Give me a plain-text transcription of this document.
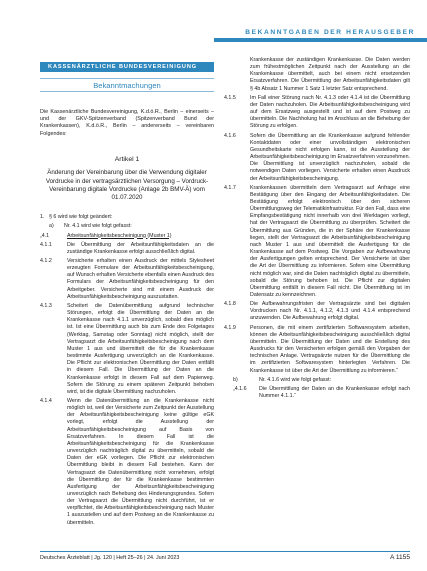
BEKANNTGABEN DER HERAUSGEBER
KASSENÄRZTLICHE BUNDESVEREINIGUNG
Bekanntmachungen

Die Kassenärztliche Bundesvereinigung, K.d.ö.R., Berlin – einerseits – und der GKV-Spitzenverband (Spitzenverband Bund der Krankenkassen), K.d.ö.R., Berlin – andererseits – vereinbaren Folgendes:

Artikel 1
Änderung der Vereinbarung über die Verwendung digitaler Vordrucke in der vertragsärztlichen Versorgung – Vordruck-Vereinbarung digitale Vordrucke (Anlage 2b BMV-Ä) vom 01.07.2020
1. § 6 wird wie folgt geändert:
a)	Nr. 4.1 wird wie folgt gefasst:
„4.1	Arbeitsunfähigkeitsbescheinigung (Muster 1)
4.1.1	Die Übermittlung der Arbeitsunfähigkeitsdaten an die zuständige Krankenkasse erfolgt ausschließlich digital.
4.1.2	Versicherte erhalten einen Ausdruck der mittels Stylesheet erzeugten Formulare der Arbeitsunfähigkeitsbescheinigung, auf Wunsch erhalten Versicherte ebenfalls einen Ausdruck des Formulars der Arbeitsunfähigkeitsbescheinigung für den Arbeitgeber. Versicherte sind mit einem Ausdruck der Arbeitsunfähigkeitsbescheinigung auszustatten.
4.1.3	Scheitert die Datenübermittlung aufgrund technischer Störungen, erfolgt die Übermittlung der Daten an die Krankenkasse nach 4.1.1 unverzüglich, sobald dies möglich ist. Ist eine Übermittlung auch bis zum Ende des Folgetages (Werktag, Samstag oder Sonntag) nicht möglich, stellt der Vertragsarzt die Arbeitsunfähigkeitsbescheinigung nach dem Muster 1 aus und übermittelt die für die Krankenkasse bestimmte Ausfertigung unverzüglich an die Krankenkasse. Die Pflicht zur elektronischen Übermittlung der Daten entfällt in diesem Fall. Die Übermittlung der Daten an die Krankenkasse erfolgt in diesem Fall auf dem Papierweg. Sofern die Störung zu einem späteren Zeitpunkt behoben wird, ist die digitale Übermittlung nachzuholen.
4.1.4	Wenn die Datenübermittlung an die Krankenkasse nicht möglich ist, weil der Versicherte zum Zeitpunkt der Ausstellung der Arbeitsunfähigkeitsbescheinigung keine gültige eGK vorlegt, erfolgt die Ausstellung der Arbeitsunfähigkeitsbescheinigung auf Basis von Ersatzverfahren. In diesem Fall ist die Arbeitsunfähigkeitsbescheinigung für die Krankenkasse unverzüglich nachträglich digital zu übermitteln, sobald die Daten der eGK vorliegen. Die Pflicht zur elektronischen Übermittlung bleibt in diesem Fall bestehen. Kann der Vertragsarzt die Datenübermittlung nicht vornehmen, erfolgt die Übermittlung der für die Krankenkasse bestimmten Ausfertigung der Arbeitsunfähigkeitsbescheinigung unverzüglich nach Behebung des Hinderungsgrundes. Sofern der Vertragsarzt die Übermittlung nicht durchführt, ist er verpflichtet, die Arbeitsunfähigkeitsbescheinigung nach Muster 1 auszustellen und auf dem Postweg an die Krankenkasse zu übermitteln.
Krankenkasse der zuständigen Krankenkasse. Die Daten werden zum frühestmöglichen Zeitpunkt nach der Ausstellung an die Krankenkasse übermittelt, auch bei einem nicht ersetzenden Ersatzverfahren. Die Übermittlung der Arbeitsunfähigkeitsdaten gilt § 4b Absatz 1 Nummer 1 Satz 1 letzter Satz entsprechend.
4.1.5	Im Fall einer Störung nach Nr. 4.1.3 oder 4.1.4 ist die Übermittlung der Daten nachzuholen. Die Arbeitsunfähigkeitsbescheinigung wird auf dem Ersatzweg ausgestellt und ist auf dem Postweg zu übermitteln. Die Nachholung hat im Anschluss an die Behebung der Störung zu erfolgen.
4.1.6	Sofern die Übermittlung an die Krankenkasse aufgrund fehlender Kontaktdaten oder einer unvollständigen elektronischen Gesundheitskarte nicht erfolgen kann, ist die Ausstellung der Arbeitsunfähigkeitsbescheinigung im Ersatzverfahren vorzunehmen. Die Übermittlung ist unverzüglich nachzuholen, sobald die notwendigen Daten vorliegen. Versicherte erhalten einen Ausdruck der Arbeitsunfähigkeitsbescheinigung.
4.1.7	Krankenkassen übermitteln dem Vertragsarzt auf Anfrage eine Bestätigung über den Eingang der Arbeitsunfähigkeitsdaten. Die Bestätigung erfolgt elektronisch über den sicheren Übermittlungsweg der Telematikinfrastruktur. Für den Fall, dass eine Empfangsbestätigung nicht innerhalb von drei Werktagen vorliegt, hat der Vertragsarzt die Übermittlung zu überprüfen. Scheitert die Übermittlung aus Gründen, die in der Sphäre der Krankenkasse liegen, stellt der Vertragsarzt die Arbeitsunfähigkeitsbescheinigung nach Muster 1 aus und übermittelt die Ausfertigung für die Krankenkasse auf dem Postweg. Die Vorgaben zur Aufbewahrung der Ausfertigungen gelten entsprechend. Der Versicherte ist über die Art der Übermittlung zu informieren. Sofern eine Übermittlung nicht möglich war, sind die Daten nachträglich digital zu übermitteln, sobald die Störung behoben ist. Die Pflicht zur digitalen Übermittlung entfällt in diesem Fall nicht. Die Übermittlung ist im Datensatz zu kennzeichnen.
4.1.8	Die Aufbewahrungsfristen der Vertragsärzte sind bei digitalen Vordrucken nach Nr. 4.1.1, 4.1.2, 4.1.3 und 4.1.4 entsprechend anzuwenden. Die Aufbewahrung erfolgt digital.
4.1.9	Personen, die mit einem zertifizierten Softwaresystem arbeiten, können die Arbeitsunfähigkeitsbescheinigung ausschließlich digital übermitteln. Die Übermittlung der Daten und die Erstellung des Ausdrucks für den Versicherten erfolgen gemäß den Vorgaben der technischen Anlage. Vertragsärzte nutzen für die Übermittlung die im zertifizierten Softwaresystem hinterlegten Verfahren. Die Krankenkasse ist über die Art der Übermittlung zu informieren.“
b)	Nr. 4.1.6 wird wie folgt gefasst:
„4.1.6	Die Übermittlung der Daten an die Krankenkasse erfolgt nach Nummer 4.1.1.“
Deutsches Ärzteblatt | Jg. 120 | Heft 25–26 | 24. Juni 2023	A 1155
